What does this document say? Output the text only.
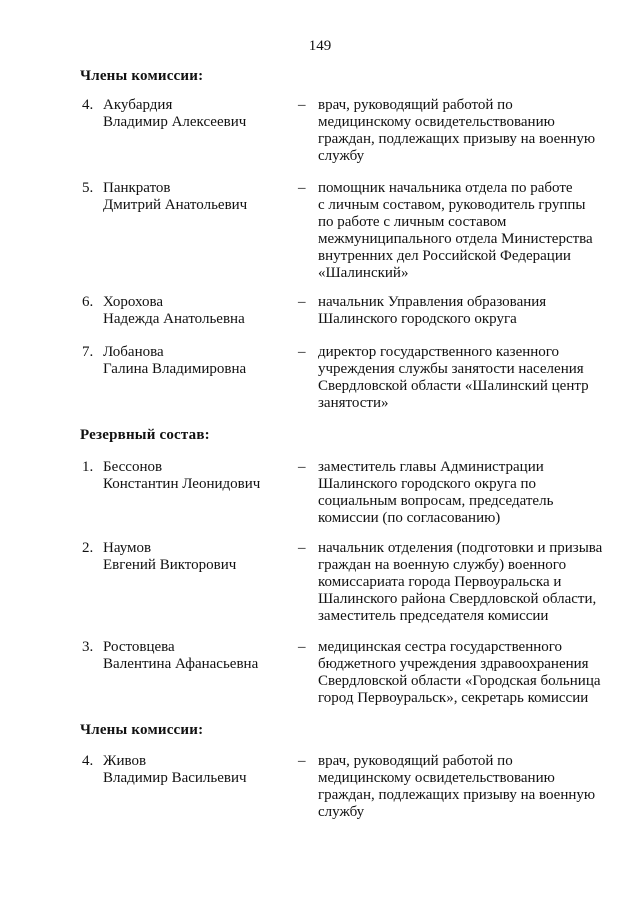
149
Члены комиссии:
4. Акубардия
Владимир Алексеевич
– врач, руководящий работой по
медицинскому освидетельствованию
граждан, подлежащих призыву на военную
службу
5. Панкратов
Дмитрий Анатольевич
– помощник начальника отдела по работе
с личным составом, руководитель группы
по работе с личным составом
межмуниципального отдела Министерства
внутренних дел Российской Федерации
«Шалинский»
6. Хорохова
Надежда Анатольевна
– начальник Управления образования
Шалинского городского округа
7. Лобанова
Галина Владимировна
– директор государственного казенного
учреждения службы занятости населения
Свердловской области «Шалинский центр
занятости»
Резервный состав:
1. Бессонов
Константин Леонидович
– заместитель главы Администрации
Шалинского городского округа по
социальным вопросам, председатель
комиссии (по согласованию)
2. Наумов
Евгений Викторович
– начальник отделения (подготовки и призыва
граждан на военную службу) военного
комиссариата города Первоуральска и
Шалинского района Свердловской области,
заместитель председателя комиссии
3. Ростовцева
Валентина Афанасьевна
– медицинская сестра государственного
бюджетного учреждения здравоохранения
Свердловской области «Городская больница
город Первоуральск», секретарь комиссии
Члены комиссии:
4. Живов
Владимир Васильевич
– врач, руководящий работой по
медицинскому освидетельствованию
граждан, подлежащих призыву на военную
службу
